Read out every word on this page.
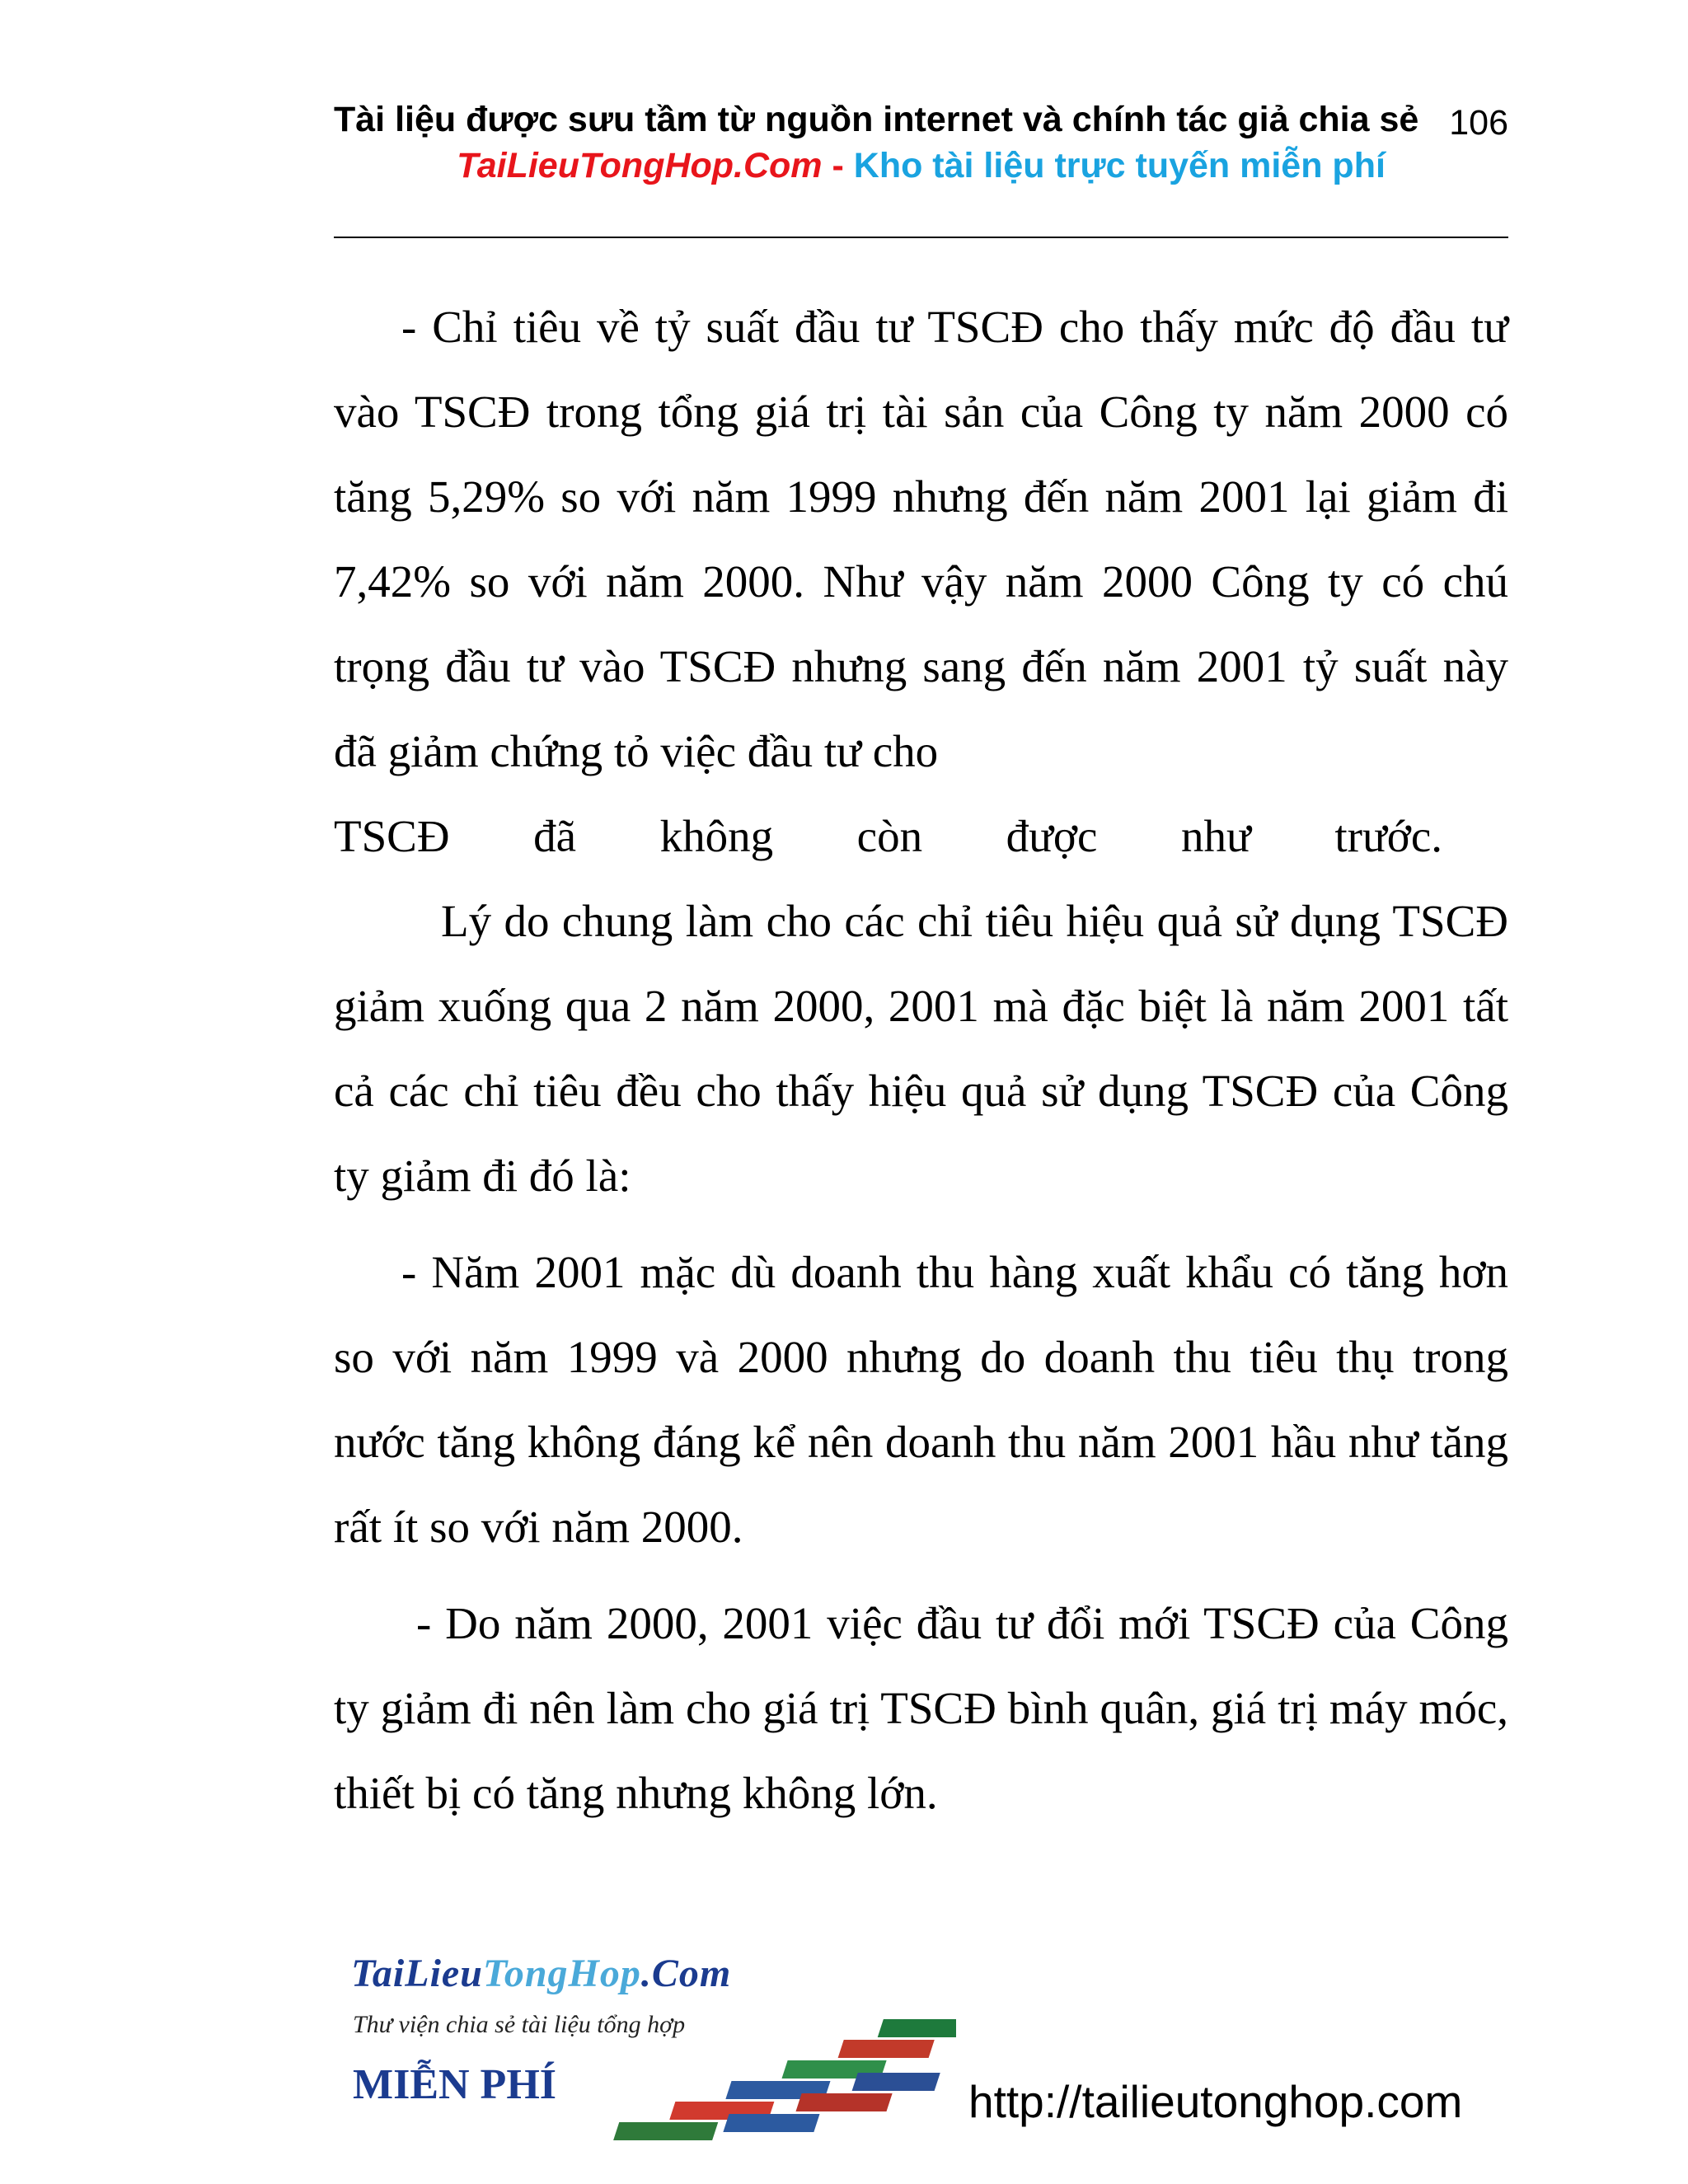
Tài liệu được sưu tầm từ nguồn internet và chính tác giả chia sẻ 106
TaiLieuTongHop.Com - Kho tài liệu trực tuyến miễn phí

- Chỉ tiêu về tỷ suất đầu tư TSCĐ cho thấy mức độ đầu tư vào TSCĐ trong tổng giá trị tài sản của Công ty năm 2000 có tăng 5,29% so với năm 1999 nhưng đến năm 2001 lại giảm đi 7,42% so với năm 2000. Như vậy năm 2000 Công ty có chú trọng đầu tư vào TSCĐ nhưng sang đến năm 2001 tỷ suất này đã giảm chứng tỏ việc đầu tư cho

TSCĐ đã không còn được như trước.

Lý do chung làm cho các chỉ tiêu hiệu quả sử dụng TSCĐ giảm xuống qua 2 năm 2000, 2001 mà đặc biệt là năm 2001 tất cả các chỉ tiêu đều cho thấy hiệu quả sử dụng TSCĐ của Công ty giảm đi đó là:

- Năm 2001 mặc dù doanh thu hàng xuất khẩu có tăng hơn so với năm 1999 và 2000 nhưng do doanh thu tiêu thụ trong nước tăng không đáng kể nên doanh thu năm 2001 hầu như tăng rất ít so với năm 2000.

- Do năm 2000, 2001 việc đầu tư đổi mới TSCĐ của Công ty giảm đi nên làm cho giá trị TSCĐ bình quân, giá trị máy móc, thiết bị có tăng nhưng không lớn.

TaiLieuTongHop.Com
Thư viện chia sẻ tài liệu tổng hợp
MIỄN PHÍ	http://tailieutonghop.com
